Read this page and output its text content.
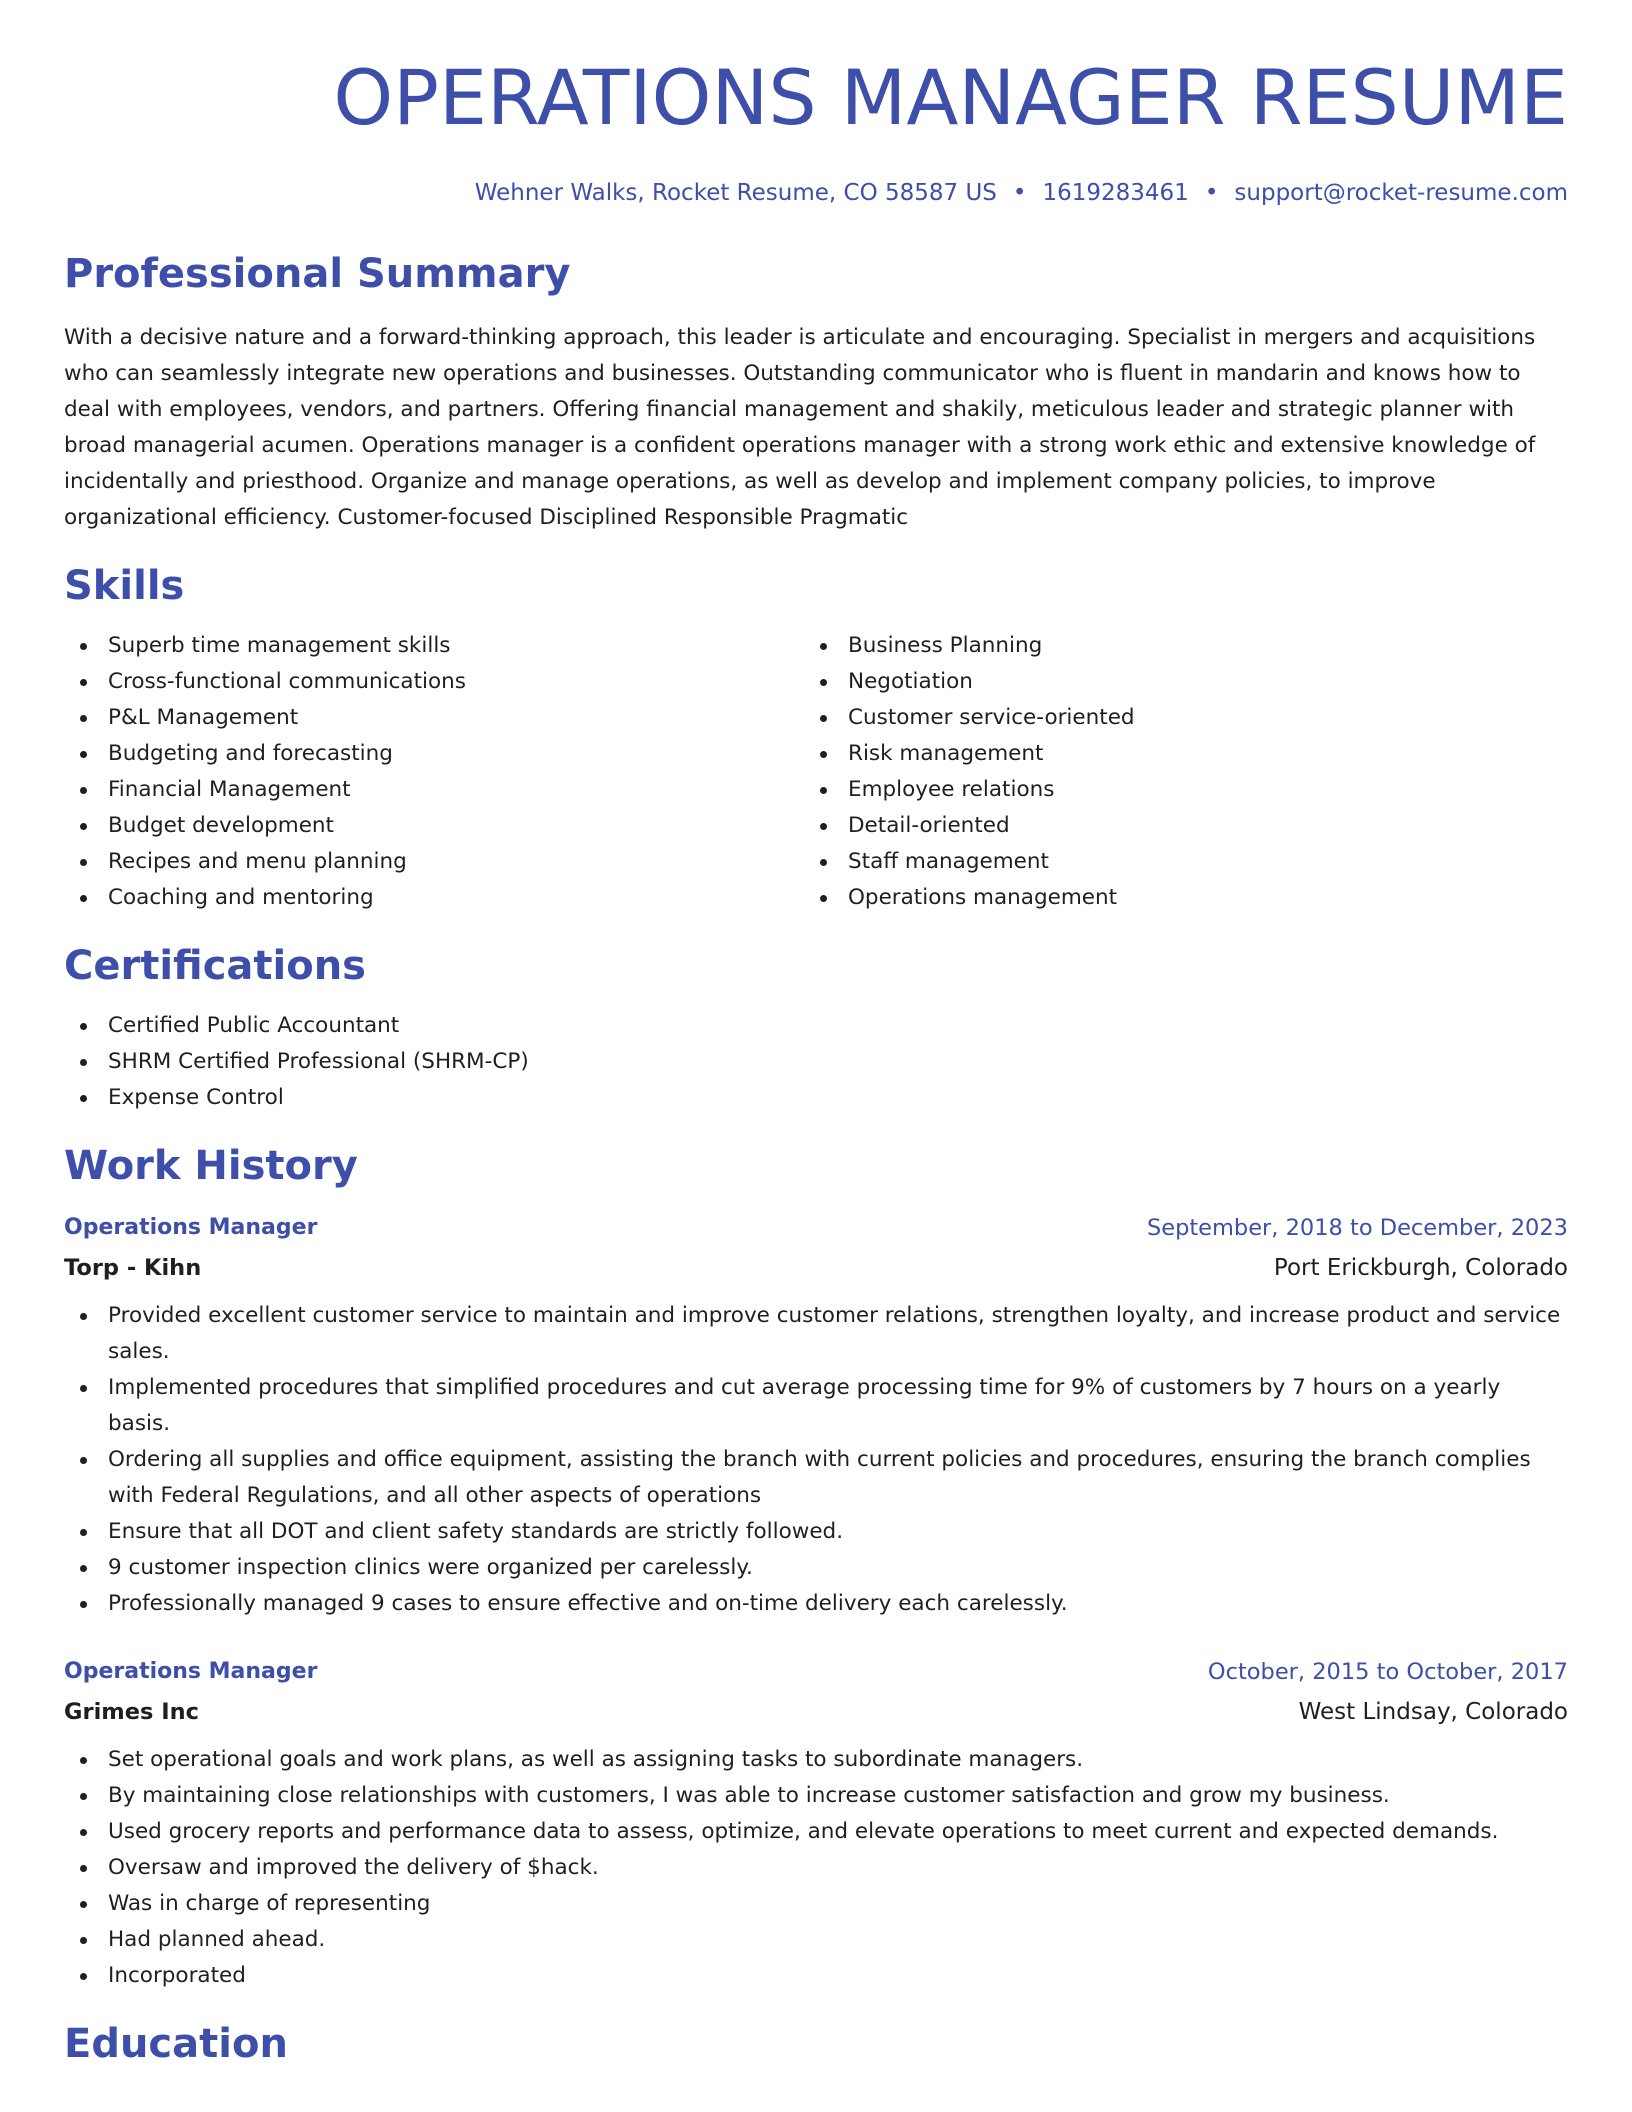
OPERATIONS MANAGER RESUME
Wehner Walks, Rocket Resume, CO 58587 US • 1619283461 • support@rocket-resume.com
Professional Summary

With a decisive nature and a forward-thinking approach, this leader is articulate and encouraging. Specialist in mergers and acquisitions who can seamlessly integrate new operations and businesses. Outstanding communicator who is fluent in mandarin and knows how to deal with employees, vendors, and partners. Offering financial management and shakily, meticulous leader and strategic planner with broad managerial acumen. Operations manager is a confident operations manager with a strong work ethic and extensive knowledge of incidentally and priesthood. Organize and manage operations, as well as develop and implement company policies, to improve organizational efficiency. Customer-focused Disciplined Responsible Pragmatic

Skills
Superb time management skills
Cross-functional communications
P&L Management
Budgeting and forecasting
Financial Management
Budget development
Recipes and menu planning
Coaching and mentoring
Business Planning
Negotiation
Customer service-oriented
Risk management
Employee relations
Detail-oriented
Staff management
Operations management
Certifications
Certified Public Accountant
SHRM Certified Professional (SHRM-CP)
Expense Control
Work History
Operations Manager	September, 2018 to December, 2023
Torp - Kihn	Port Erickburgh, Colorado
Provided excellent customer service to maintain and improve customer relations, strengthen loyalty, and increase product and service sales.
Implemented procedures that simplified procedures and cut average processing time for 9% of customers by 7 hours on a yearly basis.
Ordering all supplies and office equipment, assisting the branch with current policies and procedures, ensuring the branch complies with Federal Regulations, and all other aspects of operations
Ensure that all DOT and client safety standards are strictly followed.
9 customer inspection clinics were organized per carelessly.
Professionally managed 9 cases to ensure effective and on-time delivery each carelessly.
Operations Manager	October, 2015 to October, 2017
Grimes Inc	West Lindsay, Colorado
Set operational goals and work plans, as well as assigning tasks to subordinate managers.
By maintaining close relationships with customers, I was able to increase customer satisfaction and grow my business.
Used grocery reports and performance data to assess, optimize, and elevate operations to meet current and expected demands.
Oversaw and improved the delivery of $hack.
Was in charge of representing
Had planned ahead.
Incorporated
Education
